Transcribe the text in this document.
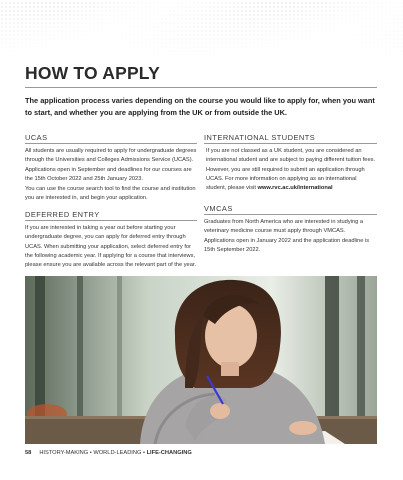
HOW TO APPLY

The application process varies depending on the course you would like to apply for, when you want to start, and whether you are applying from the UK or from outside the UK.

UCAS

All students are usually required to apply for undergraduate degrees through the Universities and Colleges Admissions Service (UCAS). Applications open in September and deadlines for our courses are the 15th October 2022 and 25th January 2023.

You can use the course search tool to find the course and institution you are interested in, and begin your application.

DEFERRED ENTRY

If you are interested in taking a year out before starting your undergraduate degree, you can apply for deferred entry through UCAS. When submitting your application, select deferred entry for the following academic year. If applying for a course that interviews, please ensure you are available across the relevant part of the year.

INTERNATIONAL STUDENTS

If you are not classed as a UK student, you are considered an international student and are subject to paying different tuition fees. However, you are still required to submit an application through UCAS. For more information on applying as an international student, please visit www.rvc.ac.uk/international

VMCAS

Graduates from North America who are interested in studying a veterinary medicine course must apply through VMCAS. Applications open in January 2022 and the application deadline is 15th September 2022.

58 HISTORY-MAKING • WORLD-LEADING • LIFE-CHANGING
